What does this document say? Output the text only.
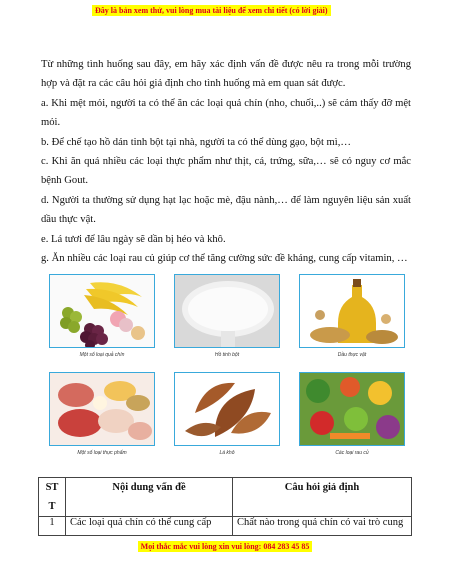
Đây là bản xem thử, vui lòng mua tài liệu để xem chi tiết (có lời giải)

Từ những tình huống sau đây, em hãy xác định vấn đề được nêu ra trong mỗi trường hợp và đặt ra các câu hỏi giả định cho tình huống mà em quan sát được.

a. Khi mệt mỏi, người ta có thể ăn các loại quả chín (nho, chuối,..) sẽ cảm thấy đỡ mệt mỏi.

b. Để chế tạo hồ dán tinh bột tại nhà, người ta có thể dùng gạo, bột mì,…

c. Khi ăn quá nhiều các loại thực phẩm như thịt, cá, trứng, sữa,… sẽ có nguy cơ mắc bệnh Gout.

d. Người ta thường sử dụng hạt lạc hoặc mè, đậu nành,… để làm nguyên liệu sản xuất dầu thực vật.

e. Lá tươi để lâu ngày sẽ dần bị héo và khô.

g. Ăn nhiều các loại rau củ giúp cơ thể tăng cường sức đề kháng, cung cấp vitamin, …

Một số loại quả chín	Hồ tinh bột	Dầu thực vật
Một số loại thực phẩm	Lá khô	Các loại rau củ
ST
T	Nội dung vấn đề	Câu hỏi giả định
1	Các loại quả chín có thể cung cấp	Chất nào trong quả chín có vai trò cung
Mọi thắc mắc vui lòng xin vui lòng: 084 283 45 85
